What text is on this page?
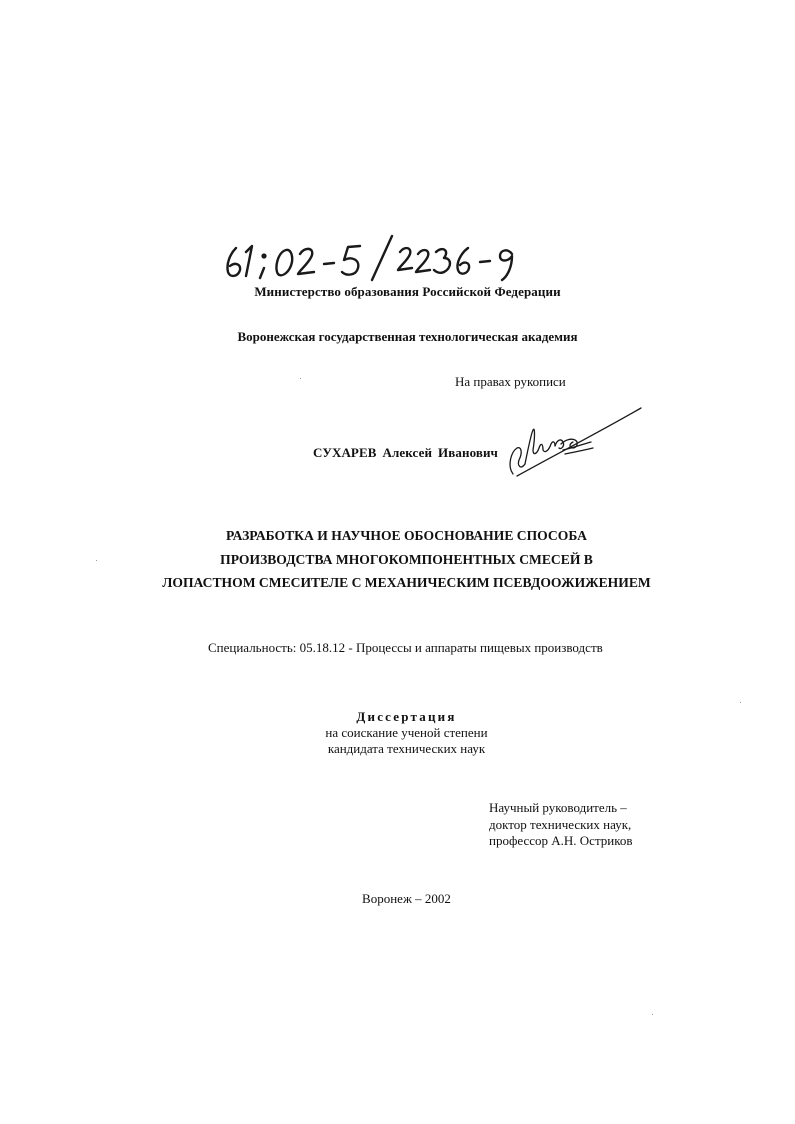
Министерство образования Российской Федерации
Воронежская государственная технологическая академия
На правах рукописи
СУХАРЕВ Алексей Иванович
РАЗРАБОТКА И НАУЧНОЕ ОБОСНОВАНИЕ СПОСОБА
ПРОИЗВОДСТВА МНОГОКОМПОНЕНТНЫХ СМЕСЕЙ В
ЛОПАСТНОМ СМЕСИТЕЛЕ С МЕХАНИЧЕСКИМ ПСЕВДООЖИЖЕНИЕМ
Специальность: 05.18.12 - Процессы и аппараты пищевых производств
Диссертация
на соискание ученой степени
кандидата технических наук
Научный руководитель –
доктор технических наук,
профессор А.Н. Остриков
Воронеж – 2002
